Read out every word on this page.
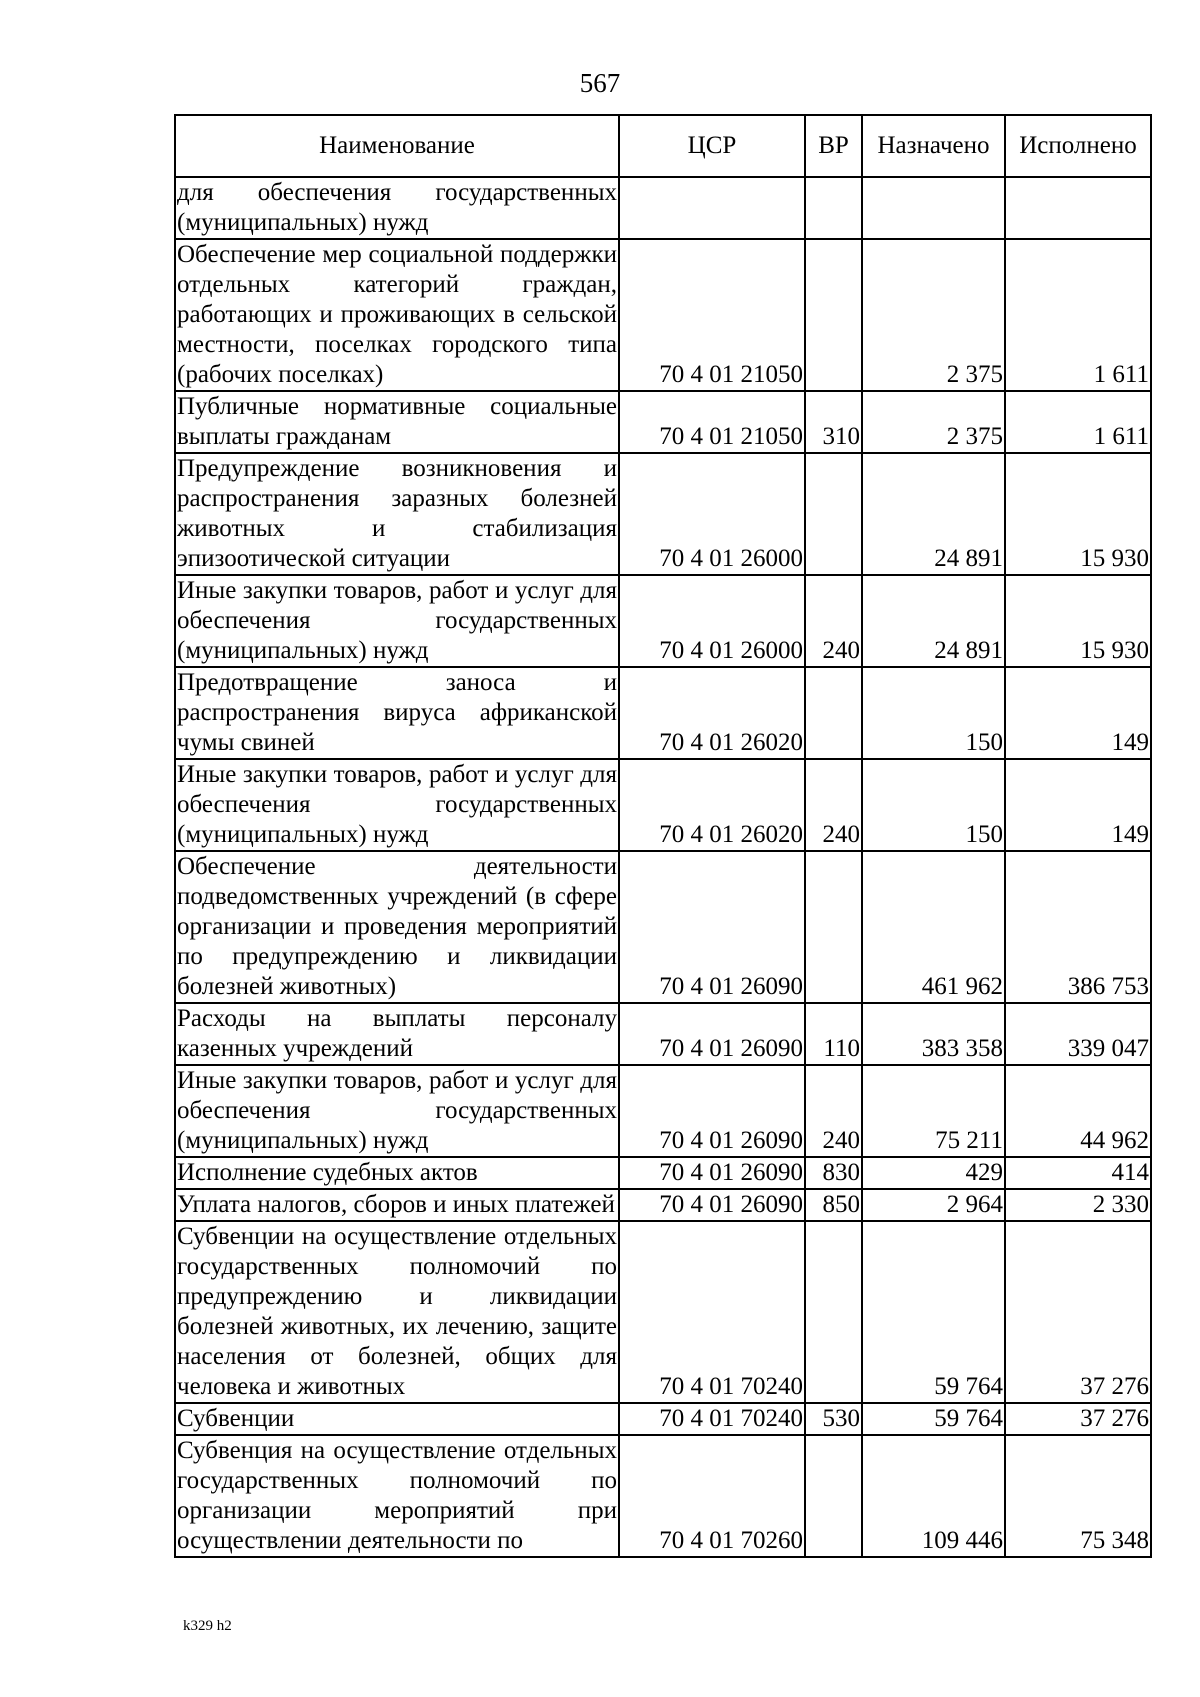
567
Наименование	ЦСР	ВР	Назначено	Исполнено
для обеспечения государственных (муниципальных) нужд				
Обеспечение мер социальной поддержки отдельных категорий граждан, работающих и проживающих в сельской местности, поселках городского типа (рабочих поселках)	70 4 01 21050		2 375	1 611
Публичные нормативные социальные выплаты гражданам	70 4 01 21050	310	2 375	1 611
Предупреждение возникновения и распространения заразных болезней животных и стабилизация эпизоотической ситуации	70 4 01 26000		24 891	15 930
Иные закупки товаров, работ и услуг для обеспечения государственных (муниципальных) нужд	70 4 01 26000	240	24 891	15 930
Предотвращение заноса и распространения вируса африканской чумы свиней	70 4 01 26020		150	149
Иные закупки товаров, работ и услуг для обеспечения государственных (муниципальных) нужд	70 4 01 26020	240	150	149
Обеспечение деятельности подведомственных учреждений (в сфере организации и проведения мероприятий по предупреждению и ликвидации болезней животных)	70 4 01 26090		461 962	386 753
Расходы на выплаты персоналу казенных учреждений	70 4 01 26090	110	383 358	339 047
Иные закупки товаров, работ и услуг для обеспечения государственных (муниципальных) нужд	70 4 01 26090	240	75 211	44 962
Исполнение судебных актов	70 4 01 26090	830	429	414
Уплата налогов, сборов и иных платежей	70 4 01 26090	850	2 964	2 330
Субвенции на осуществление отдельных государственных полномочий по предупреждению и ликвидации болезней животных, их лечению, защите населения от болезней, общих для человека и животных	70 4 01 70240		59 764	37 276
Субвенции	70 4 01 70240	530	59 764	37 276
Субвенция на осуществление отдельных государственных полномочий по организации мероприятий при осуществлении деятельности по	70 4 01 70260		109 446	75 348
k329 h2
